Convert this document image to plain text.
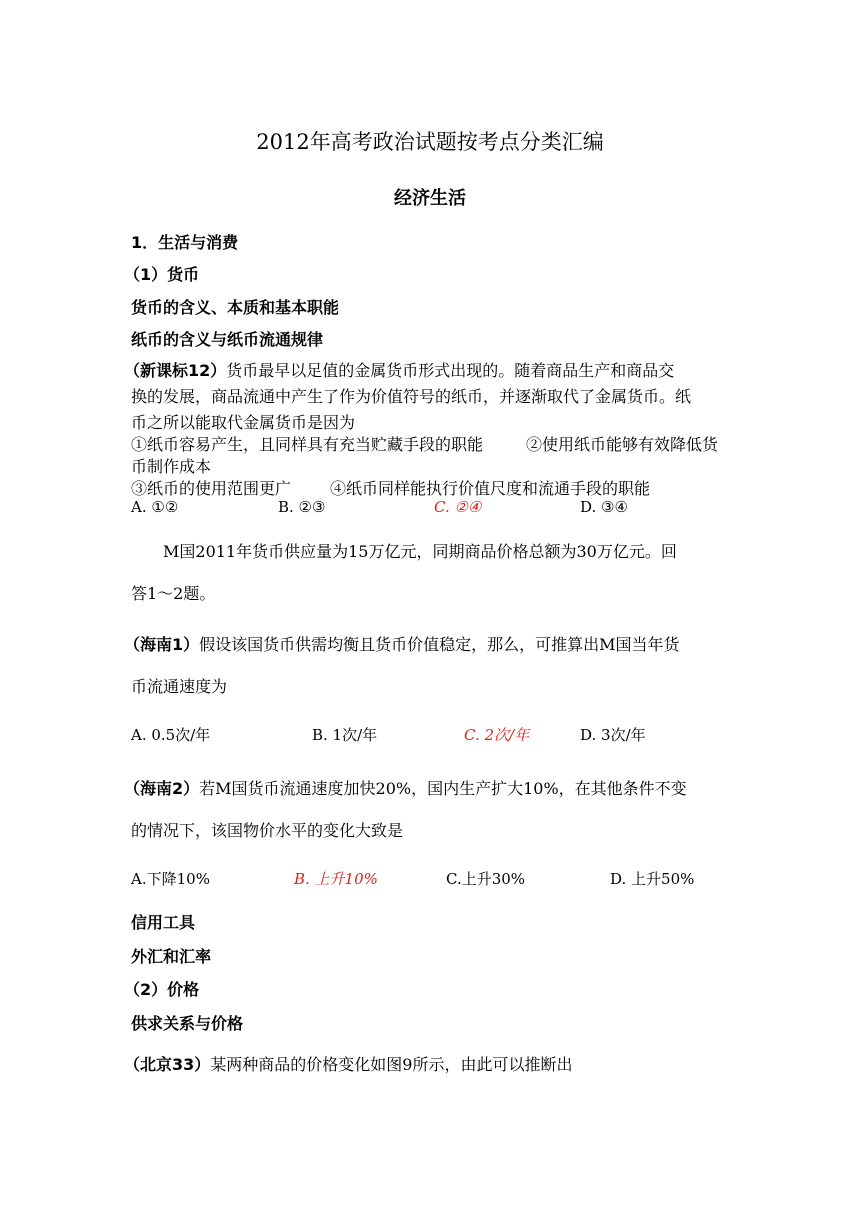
2012年高考政治试题按考点分类汇编
经济生活
1．生活与消费
（1）货币
货币的含义、本质和基本职能
纸币的含义与纸币流通规律
（新课标12）货币最早以足值的金属货币形式出现的。随着商品生产和商品交
换的发展，商品流通中产生了作为价值符号的纸币，并逐渐取代了金属货币。纸
币之所以能取代金属货币是因为
①纸币容易产生，且同样具有充当贮藏手段的职能	②使用纸币能够有效降低货
币制作成本
③纸币的使用范围更广 ④纸币同样能执行价值尺度和流通手段的职能
A. ①②	B. ②③	C. ②④	D. ③④
M国2011年货币供应量为15万亿元，同期商品价格总额为30万亿元。回
答1～2题。
（海南1）假设该国货币供需均衡且货币价值稳定，那么，可推算出M国当年货
币流通速度为
A. 0.5次/年	B. 1次/年	C. 2次/年	D. 3次/年
（海南2）若M国货币流通速度加快20%，国内生产扩大10%，在其他条件不变
的情况下，该国物价水平的变化大致是
A.下降10%	B. 上升10%	C.上升30%	D. 上升50%
信用工具
外汇和汇率
（2）价格
供求关系与价格
（北京33）某两种商品的价格变化如图9所示，由此可以推断出
